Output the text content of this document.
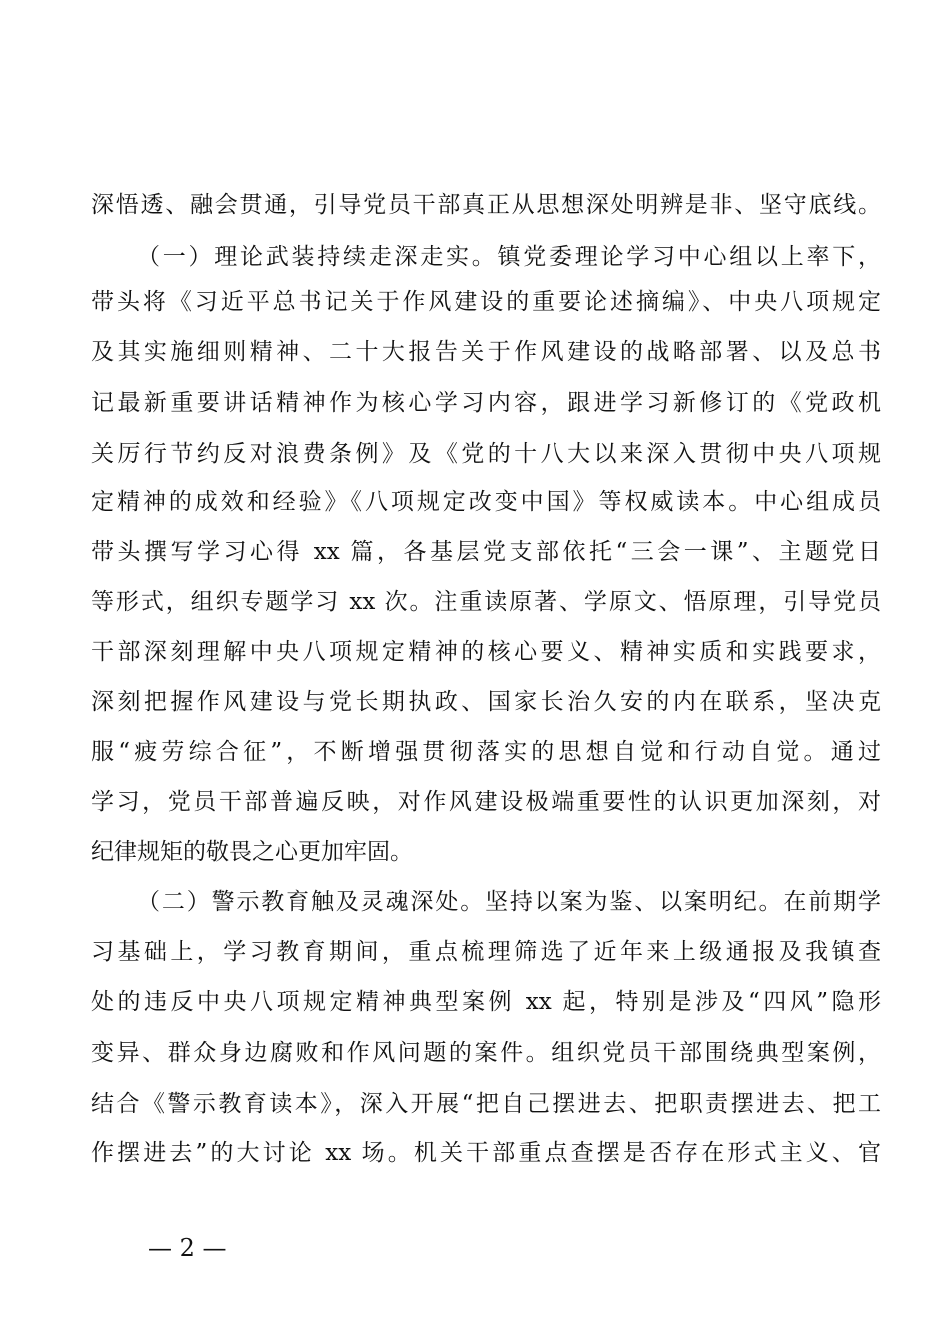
深悟透、融会贯通，引导党员干部真正从思想深处明辨是非、坚守底线。
（一）理论武装持续走深走实。镇党委理论学习中心组以上率下，
带头将《习近平总书记关于作风建设的重要论述摘编》、中央八项规定
及其实施细则精神、二十大报告关于作风建设的战略部署、以及总书
记最新重要讲话精神作为核心学习内容，跟进学习新修订的《党政机
关厉行节约反对浪费条例》及《党的十八大以来深入贯彻中央八项规
定精神的成效和经验》《八项规定改变中国》等权威读本。中心组成员
带头撰写学习心得 xx 篇，各基层党支部依托“三会一课”、主题党日
等形式，组织专题学习 xx 次。注重读原著、学原文、悟原理，引导党员
干部深刻理解中央八项规定精神的核心要义、精神实质和实践要求，
深刻把握作风建设与党长期执政、国家长治久安的内在联系，坚决克
服“疲劳综合征”，不断增强贯彻落实的思想自觉和行动自觉。通过
学习，党员干部普遍反映，对作风建设极端重要性的认识更加深刻，对
纪律规矩的敬畏之心更加牢固。
（二）警示教育触及灵魂深处。坚持以案为鉴、以案明纪。在前期学
习基础上，学习教育期间，重点梳理筛选了近年来上级通报及我镇查
处的违反中央八项规定精神典型案例 xx 起，特别是涉及“四风”隐形
变异、群众身边腐败和作风问题的案件。组织党员干部围绕典型案例，
结合《警示教育读本》，深入开展“把自己摆进去、把职责摆进去、把工
作摆进去”的大讨论 xx 场。机关干部重点查摆是否存在形式主义、官
— 2 —
